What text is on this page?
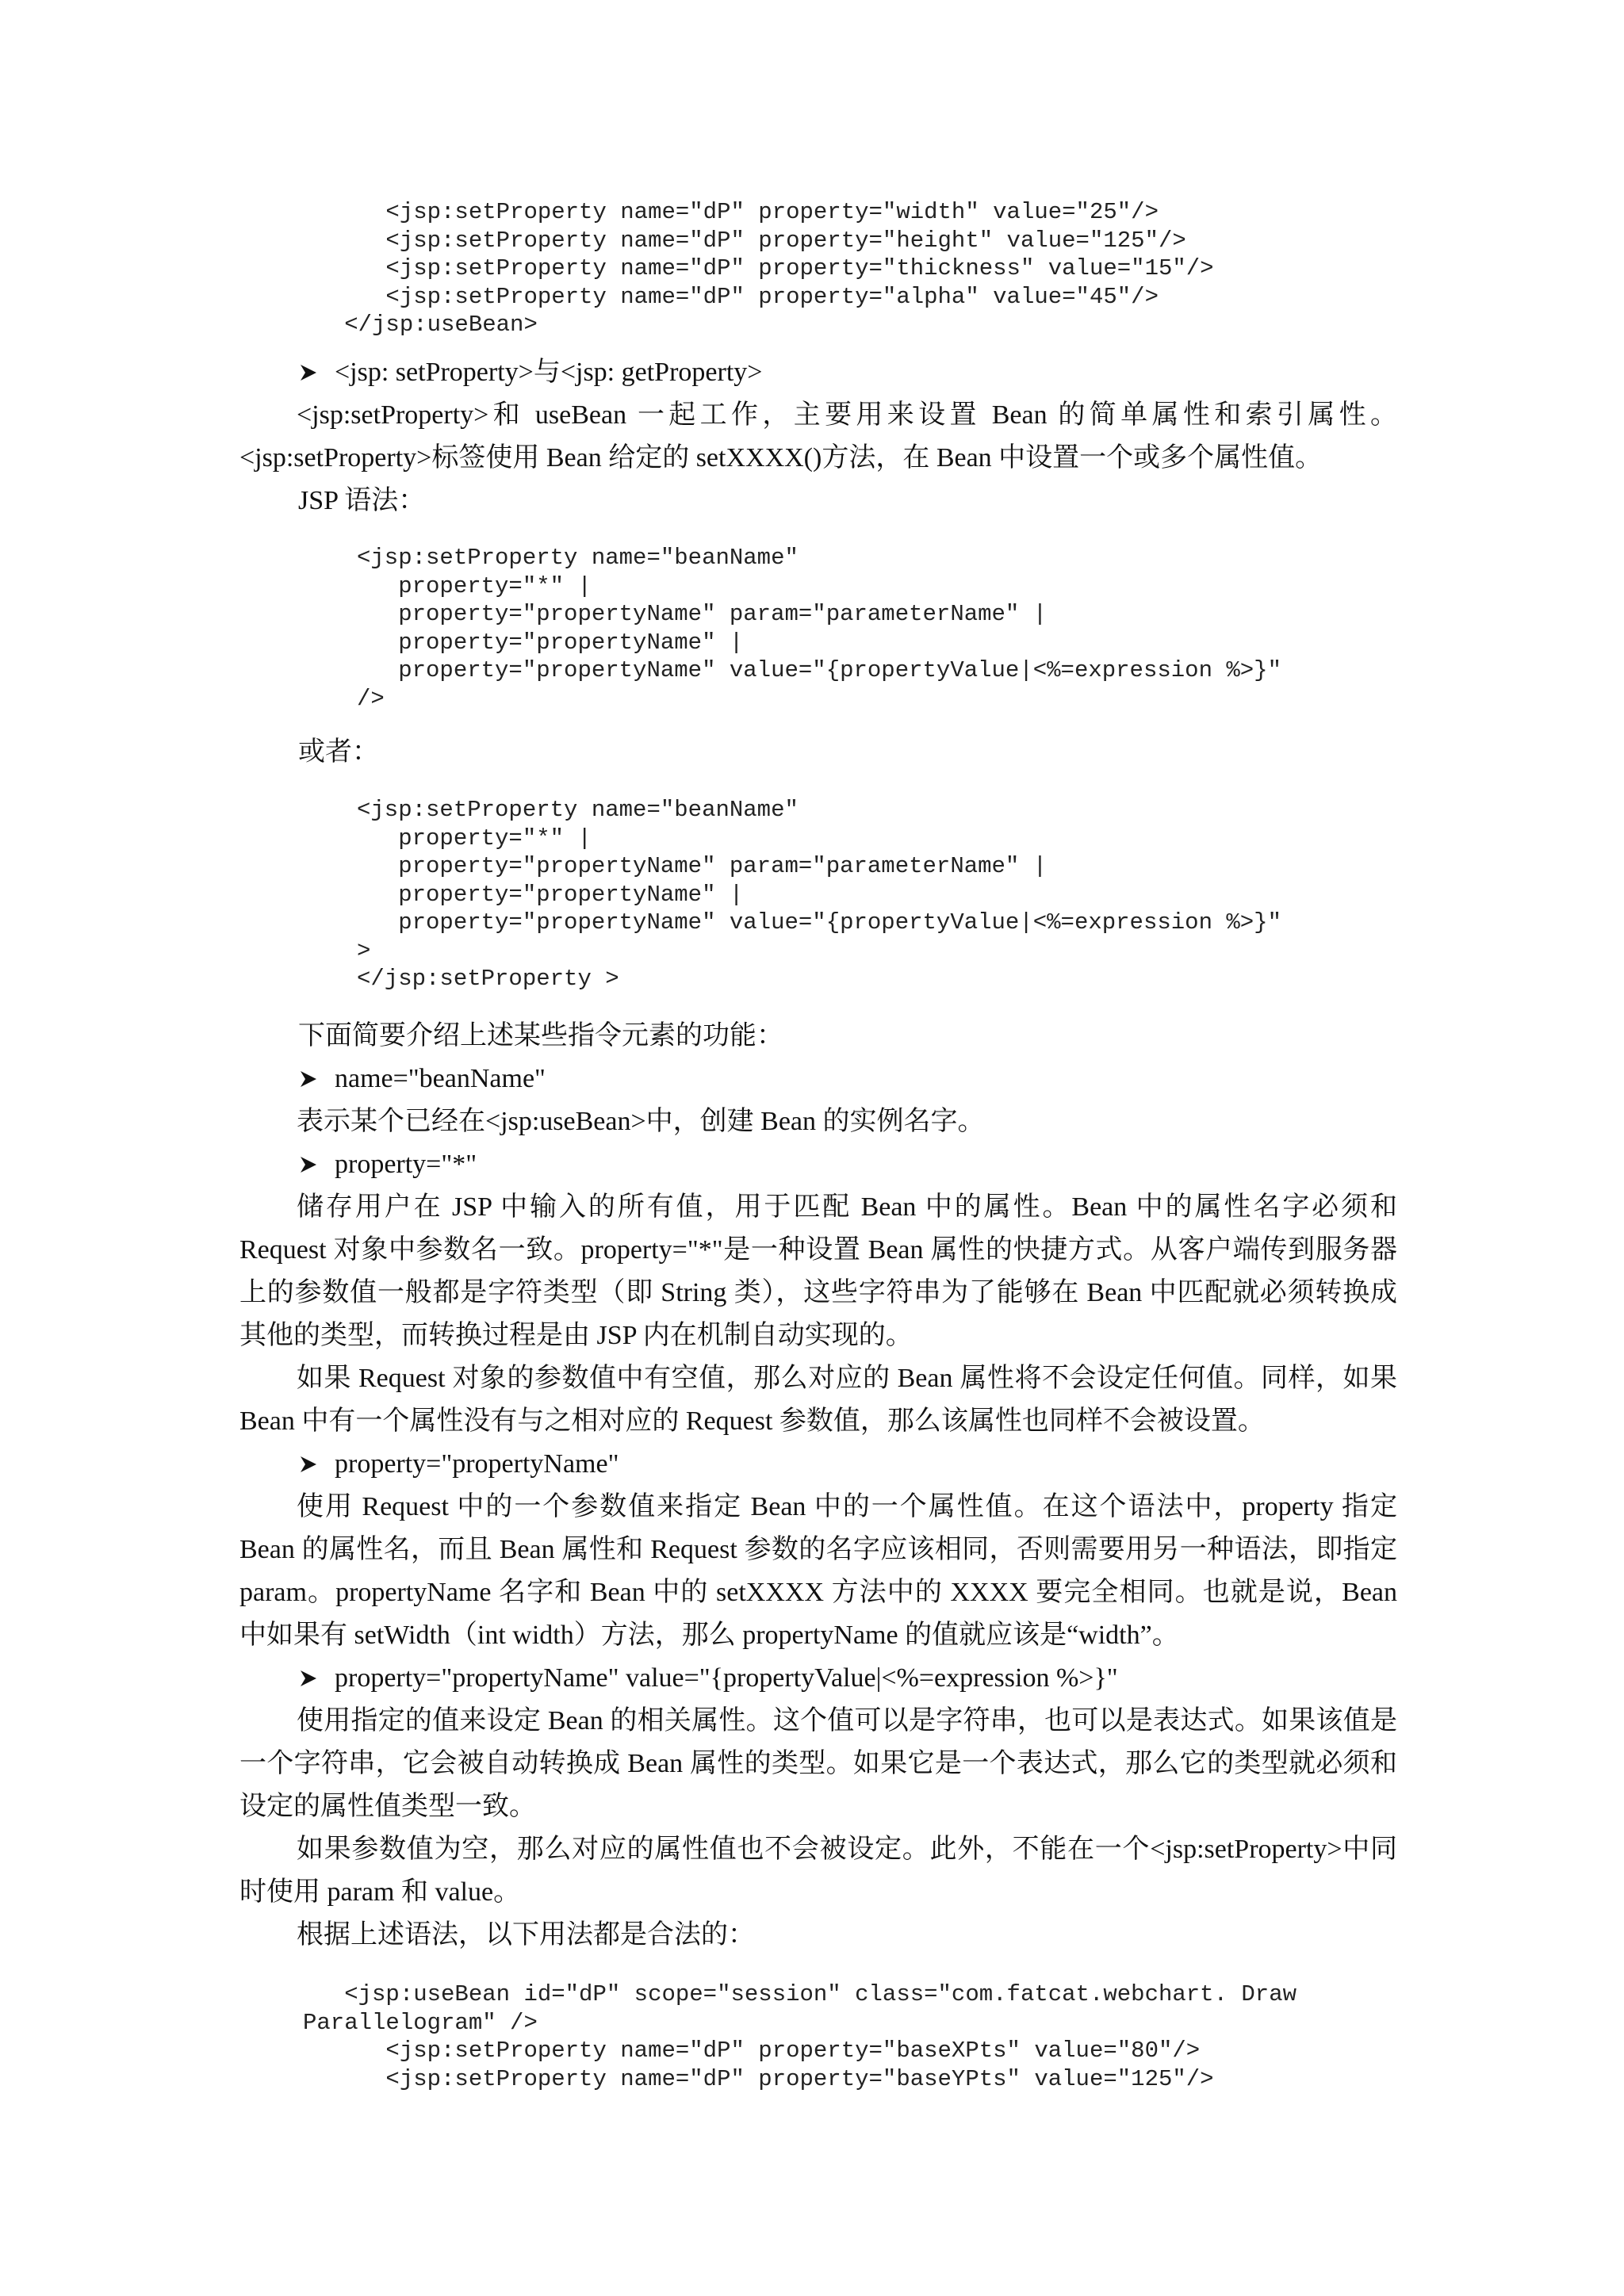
<jsp:setProperty name="dP" property="width" value="25"/>
<jsp:setProperty name="dP" property="height" value="125"/>
<jsp:setProperty name="dP" property="thickness" value="15"/>
<jsp:setProperty name="dP" property="alpha" value="45"/>
</jsp:useBean>

<jsp: setProperty>与<jsp: getProperty>

<jsp:setProperty>和 useBean 一起工作，主要用来设置 Bean 的简单属性和索引属性。<jsp:setProperty>标签使用 Bean 给定的 setXXXX()方法，在 Bean 中设置一个或多个属性值。

JSP 语法：

<jsp:setProperty name="beanName"
property="*" |
property="propertyName" param="parameterName" |
property="propertyName" |
property="propertyName" value="{propertyValue|<%=expression %>}"
/>

或者：

<jsp:setProperty name="beanName"
property="*" |
property="propertyName" param="parameterName" |
property="propertyName" |
property="propertyName" value="{propertyValue|<%=expression %>}"
>
</jsp:setProperty >

下面简要介绍上述某些指令元素的功能：

name="beanName"

表示某个已经在<jsp:useBean>中，创建 Bean 的实例名字。

property="*"

储存用户在 JSP 中输入的所有值，用于匹配 Bean 中的属性。Bean 中的属性名字必须和 Request 对象中参数名一致。property="*"是一种设置 Bean 属性的快捷方式。从客户端传到服务器上的参数值一般都是字符类型（即 String 类），这些字符串为了能够在 Bean 中匹配就必须转换成其他的类型，而转换过程是由 JSP 内在机制自动实现的。

如果 Request 对象的参数值中有空值，那么对应的 Bean 属性将不会设定任何值。同样，如果 Bean 中有一个属性没有与之相对应的 Request 参数值，那么该属性也同样不会被设置。

property="propertyName"

使用 Request 中的一个参数值来指定 Bean 中的一个属性值。在这个语法中，property 指定 Bean 的属性名，而且 Bean 属性和 Request 参数的名字应该相同，否则需要用另一种语法，即指定 param。propertyName 名字和 Bean 中的 setXXXX 方法中的 XXXX 要完全相同。也就是说，Bean 中如果有 setWidth（int width）方法，那么 propertyName 的值就应该是“width”。

property="propertyName" value="{propertyValue|<%=expression %>}"

使用指定的值来设定 Bean 的相关属性。这个值可以是字符串，也可以是表达式。如果该值是一个字符串，它会被自动转换成 Bean 属性的类型。如果它是一个表达式，那么它的类型就必须和设定的属性值类型一致。

如果参数值为空，那么对应的属性值也不会被设定。此外，不能在一个<jsp:setProperty>中同时使用 param 和 value。

根据上述语法，以下用法都是合法的：

<jsp:useBean id="dP" scope="session" class="com.fatcat.webchart. Draw
Parallelogram" />
<jsp:setProperty name="dP" property="baseXPts" value="80"/>
<jsp:setProperty name="dP" property="baseYPts" value="125"/>
